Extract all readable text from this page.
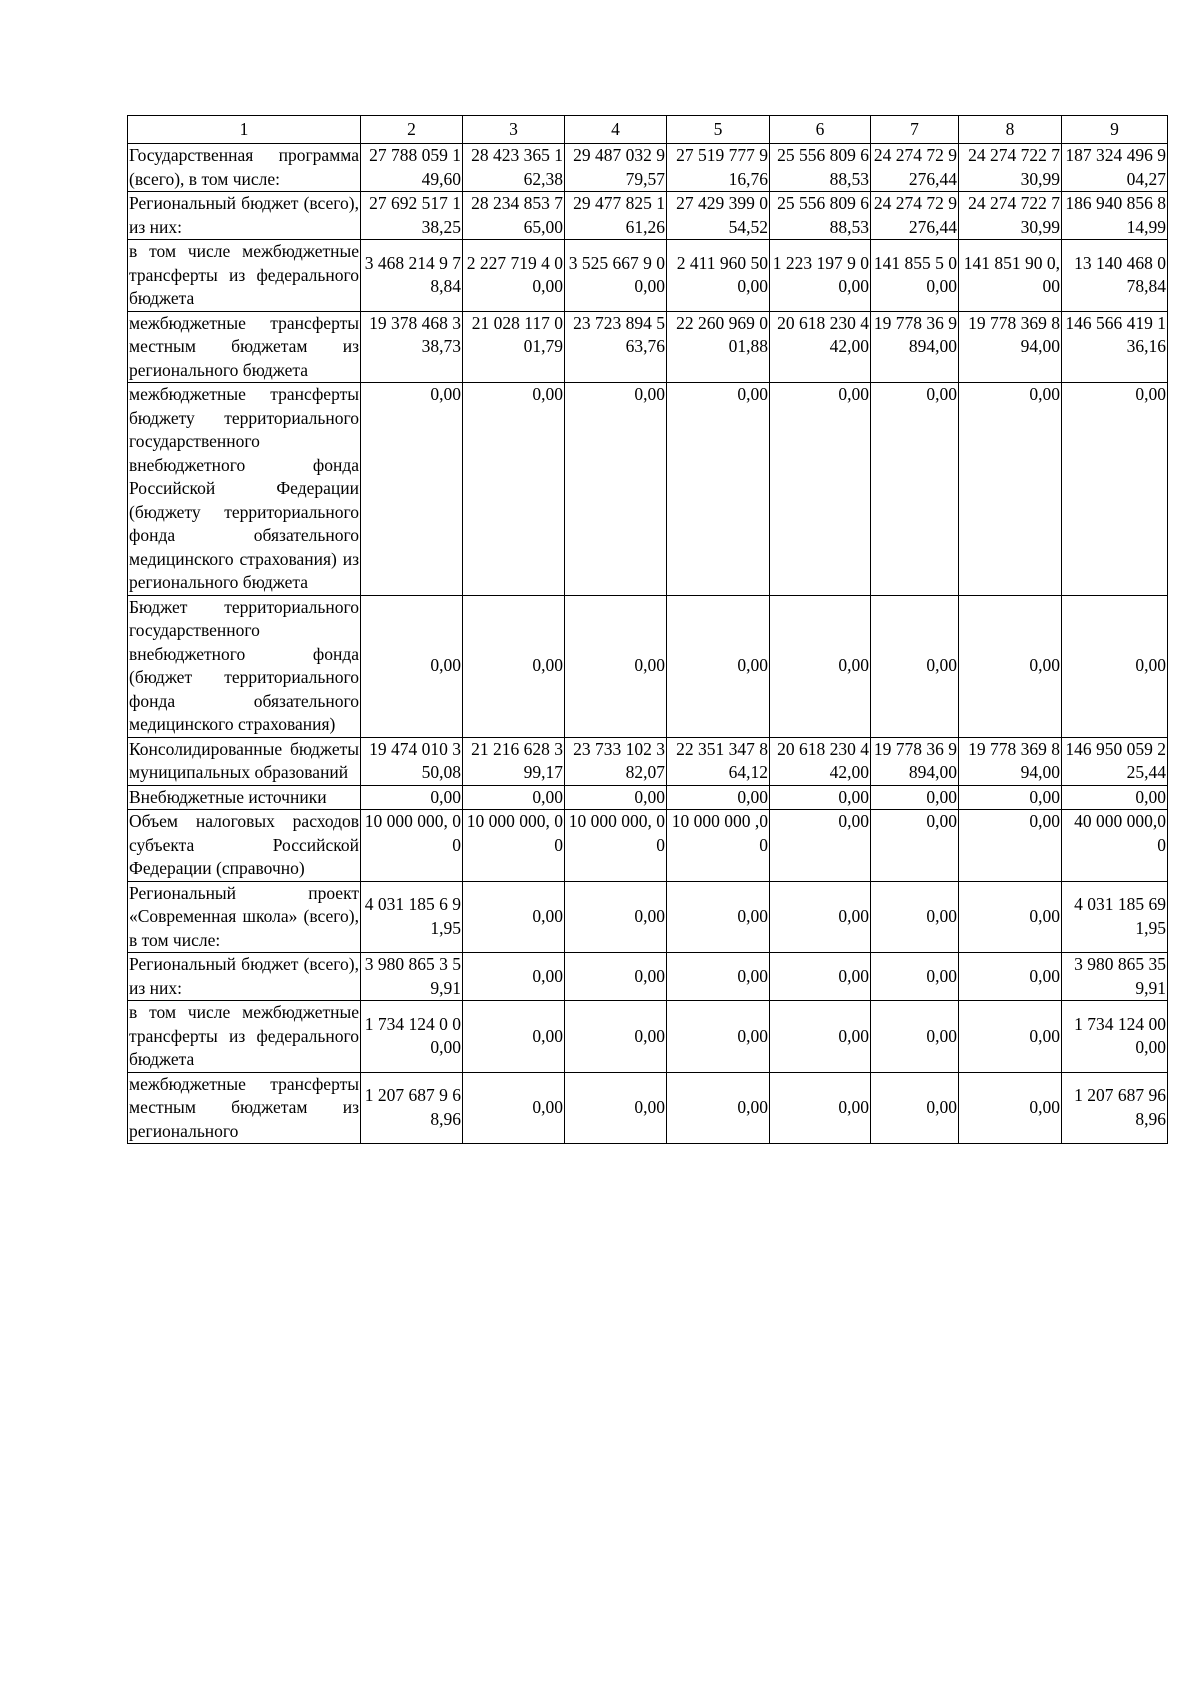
1	2	3	4	5	6	7	8	9
Государственная программа (всего), в том числе:	27 788 059 149,60	28 423 365 162,38	29 487 032 979,57	27 519 777 916,76	25 556 809 688,53	24 274 72 9 276,44	24 274 722 730,99	187 324 496 904,27
Региональный бюджет (всего), из них:	27 692 517 138,25	28 234 853 765,00	29 477 825 161,26	27 429 399 054,52	25 556 809 688,53	24 274 72 9 276,44	24 274 722 730,99	186 940 856 814,99
в том числе межбюджетные трансферты из федерального бюджета	3 468 214 9 78,84	2 227 719 4 00,00	3 525 667 9 00,00	2 411 960 500,00	1 223 197 9 00,00	141 855 5 00,00	141 851 90 0,00	13 140 468 0 78,84
межбюджетные трансферты местным бюджетам из регионального бюджета	19 378 468 338,73	21 028 117 001,79	23 723 894 563,76	22 260 969 001,88	20 618 230 442,00	19 778 36 9 894,00	19 778 369 894,00	146 566 419 136,16
межбюджетные трансферты бюджету территориального государственного внебюджетного фонда Российской Федерации (бюджету территориального фонда обязательного медицинского страхования) из регионального бюджета	0,00	0,00	0,00	0,00	0,00	0,00	0,00	0,00
Бюджет территориального государственного внебюджетного фонда (бюджет территориального фонда обязательного медицинского страхования)	0,00	0,00	0,00	0,00	0,00	0,00	0,00	0,00
Консолидированные бюджеты муниципальных образований	19 474 010 350,08	21 216 628 399,17	23 733 102 382,07	22 351 347 864,12	20 618 230 442,00	19 778 36 9 894,00	19 778 369 894,00	146 950 059 225,44
Внебюджетные источники	0,00	0,00	0,00	0,00	0,00	0,00	0,00	0,00
Объем налоговых расходов субъекта Российской Федерации (справочно)	10 000 000, 00	10 000 000, 00	10 000 000, 00	10 000 000 ,00	0,00	0,00	0,00	40 000 000,0 0
Региональный проект «Современная школа» (всего), в том числе:	4 031 185 6 91,95	0,00	0,00	0,00	0,00	0,00	0,00	4 031 185 69 1,95
Региональный бюджет (всего), из них:	3 980 865 3 59,91	0,00	0,00	0,00	0,00	0,00	0,00	3 980 865 35 9,91
в том числе межбюджетные трансферты из федерального бюджета	1 734 124 0 00,00	0,00	0,00	0,00	0,00	0,00	0,00	1 734 124 00 0,00
межбюджетные трансферты местным бюджетам из регионального	1 207 687 9 68,96	0,00	0,00	0,00	0,00	0,00	0,00	1 207 687 96 8,96
